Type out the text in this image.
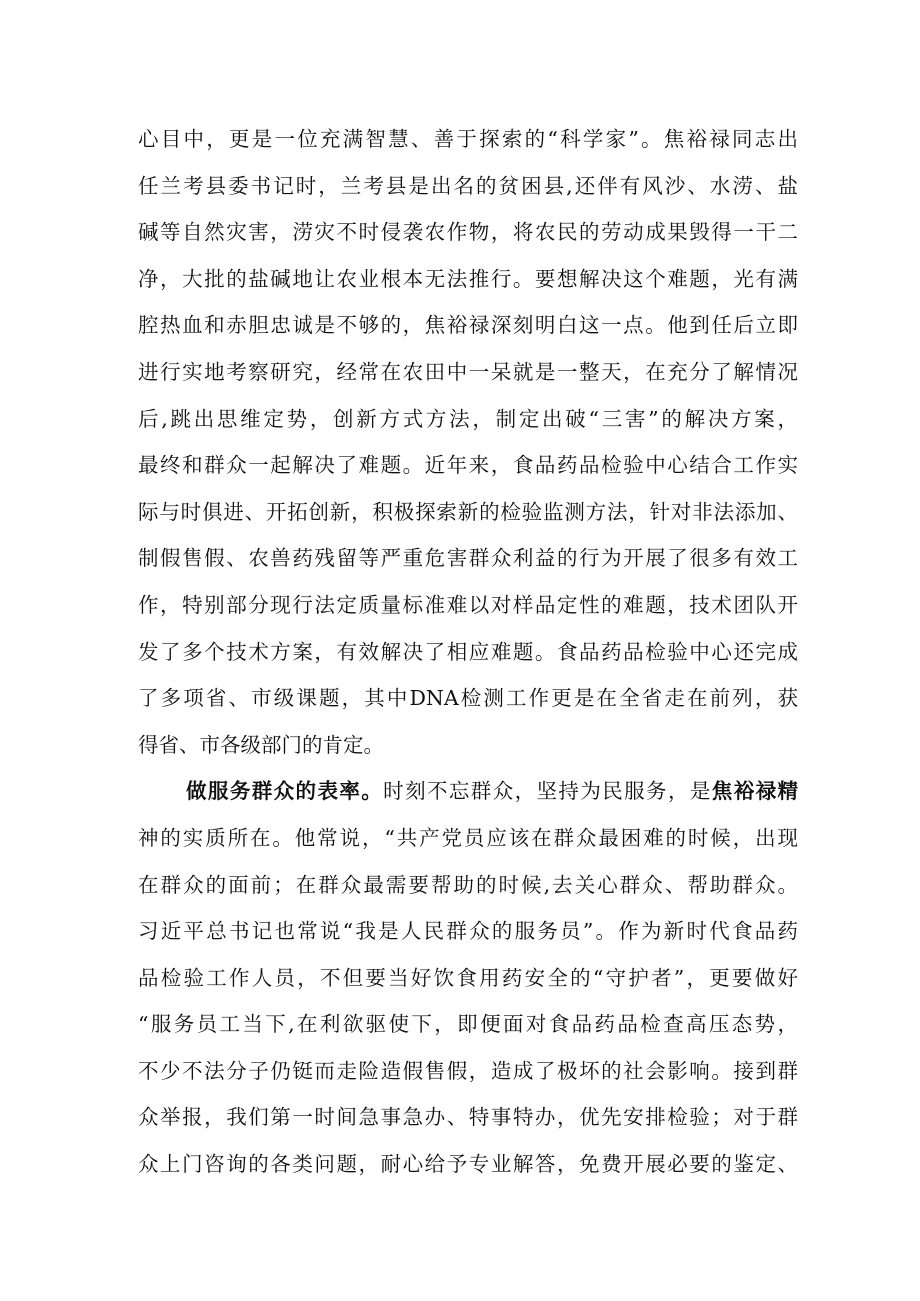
心目中，更是一位充满智慧、善于探索的“科学家”。焦裕禄同志出
任兰考县委书记时，兰考县是出名的贫困县,还伴有风沙、水涝、盐
碱等自然灾害，涝灾不时侵袭农作物，将农民的劳动成果毁得一干二
净，大批的盐碱地让农业根本无法推行。要想解决这个难题，光有满
腔热血和赤胆忠诚是不够的，焦裕禄深刻明白这一点。他到任后立即
进行实地考察研究，经常在农田中一呆就是一整天，在充分了解情况
后,跳出思维定势，创新方式方法，制定出破“三害”的解决方案，
最终和群众一起解决了难题。近年来，食品药品检验中心结合工作实
际与时俱进、开拓创新，积极探索新的检验监测方法，针对非法添加、
制假售假、农兽药残留等严重危害群众利益的行为开展了很多有效工
作，特别部分现行法定质量标准难以对样品定性的难题，技术团队开
发了多个技术方案，有效解决了相应难题。食品药品检验中心还完成
了多项省、市级课题，其中DNA检测工作更是在全省走在前列，获
得省、市各级部门的肯定。
做服务群众的表率。时刻不忘群众，坚持为民服务，是焦裕禄精
神的实质所在。他常说，“共产党员应该在群众最困难的时候，出现
在群众的面前；在群众最需要帮助的时候,去关心群众、帮助群众。
习近平总书记也常说“我是人民群众的服务员”。作为新时代食品药
品检验工作人员，不但要当好饮食用药安全的“守护者”，更要做好
“服务员工当下,在利欲驱使下，即便面对食品药品检查高压态势，
不少不法分子仍铤而走险造假售假，造成了极坏的社会影响。接到群
众举报，我们第一时间急事急办、特事特办，优先安排检验；对于群
众上门咨询的各类问题，耐心给予专业解答，免费开展必要的鉴定、
